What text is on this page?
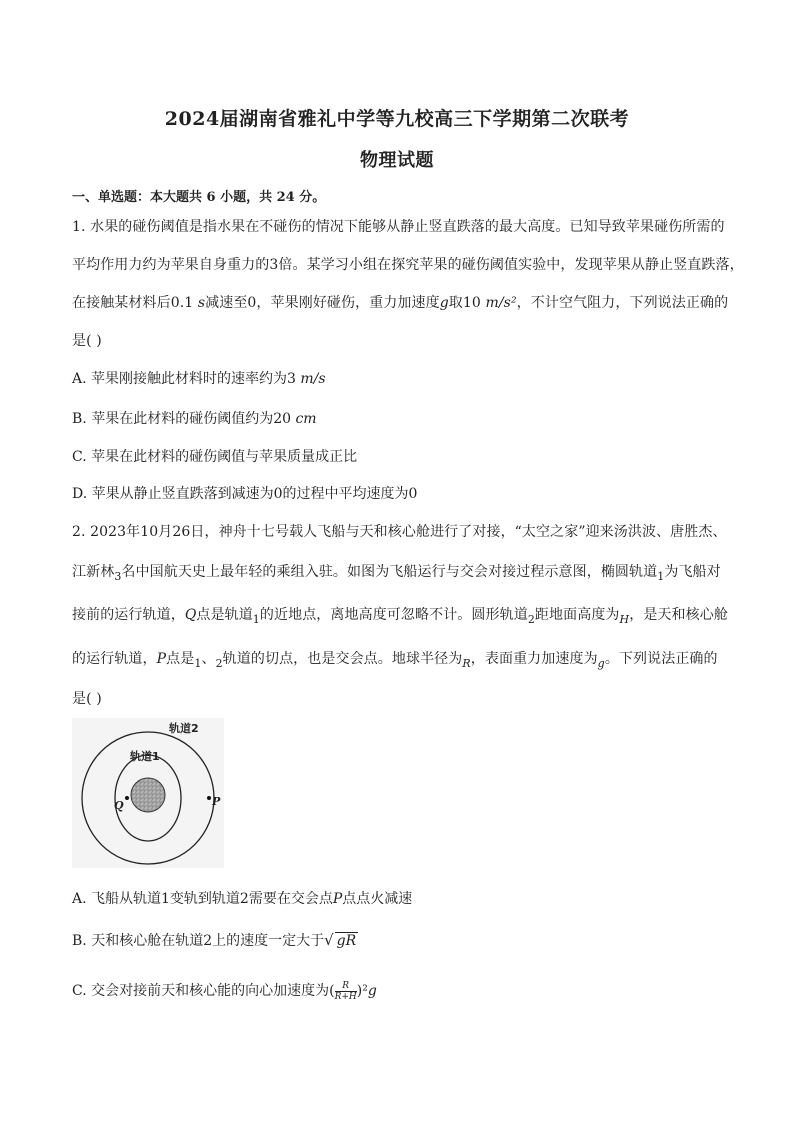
2024届湖南省雅礼中学等九校高三下学期第二次联考
物理试题
一、单选题：本大题共 6 小题，共 24 分。
1. 水果的碰伤阈值是指水果在不碰伤的情况下能够从静止竖直跌落的最大高度。已知导致苹果碰伤所需的
平均作用力约为苹果自身重力的3倍。某学习小组在探究苹果的碰伤阈值实验中，发现苹果从静止竖直跌落，
在接触某材料后0.1 s减速至0，苹果刚好碰伤，重力加速度g取10 m/s²，不计空气阻力，下列说法正确的
是( )
A. 苹果刚接触此材料时的速率约为3 m/s
B. 苹果在此材料的碰伤阈值约为20 cm
C. 苹果在此材料的碰伤阈值与苹果质量成正比
D. 苹果从静止竖直跌落到减速为0的过程中平均速度为0
2. 2023年10月26日，神舟十七号载人飞船与天和核心舱进行了对接，“太空之家”迎来汤洪波、唐胜杰、
江新林$_3$名中国航天史上最年轻的乘组入驻。如图为飞船运行与交会对接过程示意图，椭圆轨道$_1$为飞船对
接前的运行轨道，Q点是轨道$_1$的近地点，离地高度可忽略不计。圆形轨道$_2$距地面高度为$_H$，是天和核心舱
的运行轨道，P点是$_1$、$_2$轨道的切点，也是交会点。地球半径为$_R$，表面重力加速度为$_g$。下列说法正确的
是( )
轨道2
轨道1
Q	P
A. 飞船从轨道1变轨到轨道2需要在交会点P点点火减速
B. 天和核心舱在轨道2上的速度一定大于√ gR
C. 交会对接前天和核心能的向心加速度为( $\frac{R}{R+H} )^2g$
